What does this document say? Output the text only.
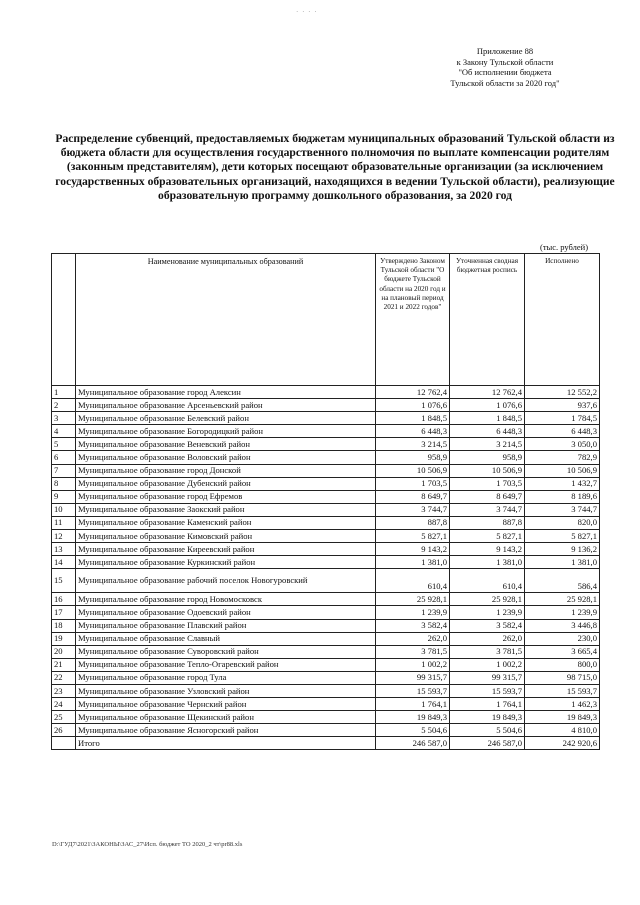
· · · ·
Приложение 88
к Закону Тульской области
"Об исполнении бюджета
Тульской области за 2020 год"
Распределение субвенций, предоставляемых бюджетам муниципальных образований Тульской области из бюджета области для осуществления государственного полномочия по выплате компенсации родителям (законным представителям), дети которых посещают образовательные организации (за исключением государственных образовательных организаций, находящихся в ведении Тульской области), реализующие образовательную программу дошкольного образования, за 2020 год
(тыс. рублей)
	Наименование муниципальных образований	Утверждено Законом Тульской области "О бюджете Тульской области на 2020 год и на плановый период 2021 и 2022 годов"	Уточненная сводная бюджетная роспись	Исполнено
1	Муниципальное образование город Алексин	12 762,4	12 762,4	12 552,2
2	Муниципальное образование Арсеньевский район	1 076,6	1 076,6	937,6
3	Муниципальное образование Белевский район	1 848,5	1 848,5	1 784,5
4	Муниципальное образование Богородицкий район	6 448,3	6 448,3	6 448,3
5	Муниципальное образование Веневский район	3 214,5	3 214,5	3 050,0
6	Муниципальное образование Воловский район	958,9	958,9	782,9
7	Муниципальное образование город Донской	10 506,9	10 506,9	10 506,9
8	Муниципальное образование Дубенский район	1 703,5	1 703,5	1 432,7
9	Муниципальное образование город Ефремов	8 649,7	8 649,7	8 189,6
10	Муниципальное образование Заокский район	3 744,7	3 744,7	3 744,7
11	Муниципальное образование Каменский район	887,8	887,8	820,0
12	Муниципальное образование Кимовский район	5 827,1	5 827,1	5 827,1
13	Муниципальное образование Киреевский район	9 143,2	9 143,2	9 136,2
14	Муниципальное образование Куркинский район	1 381,0	1 381,0	1 381,0
15	Муниципальное образование рабочий поселок Новогуровский	610,4	610,4	586,4
16	Муниципальное образование город Новомосковск	25 928,1	25 928,1	25 928,1
17	Муниципальное образование Одоевский район	1 239,9	1 239,9	1 239,9
18	Муниципальное образование Плавский район	3 582,4	3 582,4	3 446,8
19	Муниципальное образование Славный	262,0	262,0	230,0
20	Муниципальное образование Суворовский район	3 781,5	3 781,5	3 665,4
21	Муниципальное образование Тепло-Огаревский район	1 002,2	1 002,2	800,0
22	Муниципальное образование город Тула	99 315,7	99 315,7	98 715,0
23	Муниципальное образование Узловский район	15 593,7	15 593,7	15 593,7
24	Муниципальное образование Чернский район	1 764,1	1 764,1	1 462,3
25	Муниципальное образование Щекинский район	19 849,3	19 849,3	19 849,3
26	Муниципальное образование Ясногорский район	5 504,6	5 504,6	4 810,0
	Итого	246 587,0	246 587,0	242 920,6
D:\ГУД7\2021\ЗАКОНЫ\ЗАС_27\Исп. бюджет ТО 2020_2 чт\pr88.xls
